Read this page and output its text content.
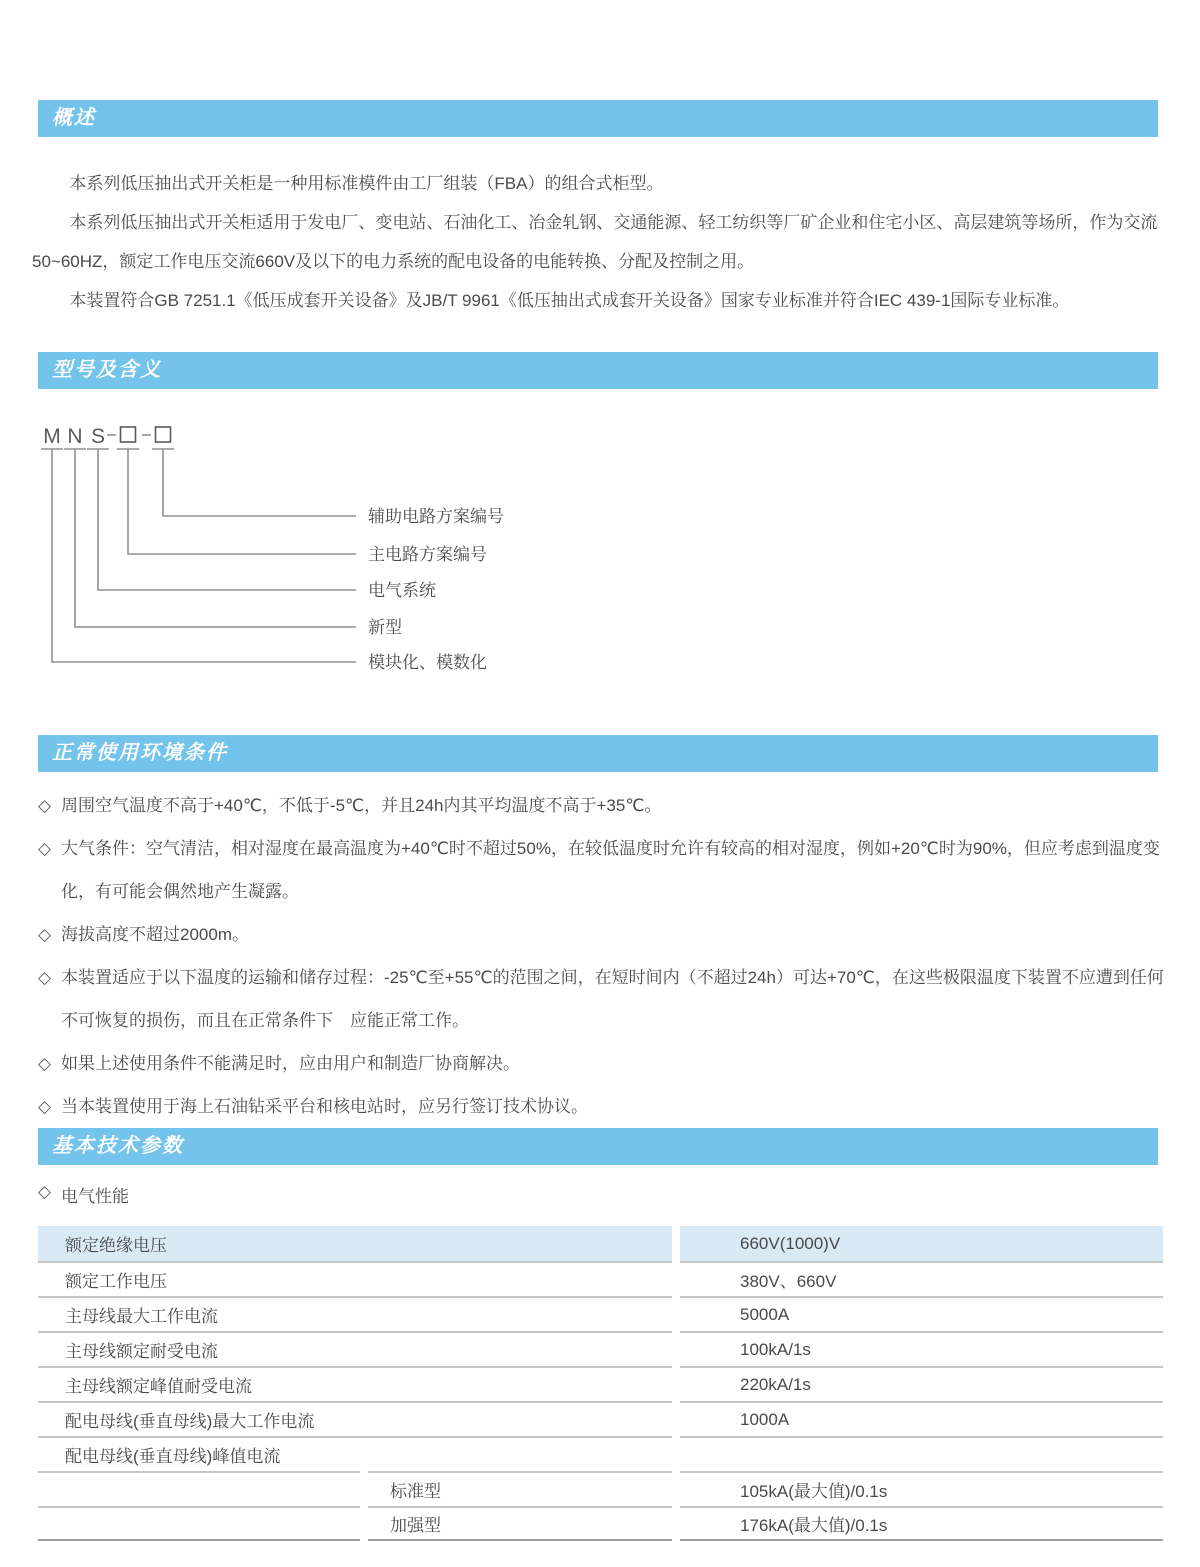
概述

本系列低压抽出式开关柜是一种用标准模件由工厂组装（FBA）的组合式柜型。

本系列低压抽出式开关柜适用于发电厂、变电站、石油化工、冶金轧钢、交通能源、轻工纺织等厂矿企业和住宅小区、高层建筑等场所，作为交流50~60HZ，额定工作电压交流660V及以下的电力系统的配电设备的电能转换、分配及控制之用。

本装置符合GB 7251.1《低压成套开关设备》及JB/T 9961《低压抽出式成套开关设备》国家专业标准并符合IEC 439-1国际专业标准。

型号及含义
M N S
辅助电路方案编号
主电路方案编号
电气系统
新型
模块化、模数化
正常使用环境条件
◇ 周围空气温度不高于+40℃，不低于-5℃，并且24h内其平均温度不高于+35℃。
◇ 大气条件：空气清洁，相对湿度在最高温度为+40℃时不超过50%，在较低温度时允许有较高的相对湿度，例如+20℃时为90%，但应考虑到温度变化，有可能会偶然地产生凝露。
◇ 海拔高度不超过2000m。
◇ 本装置适应于以下温度的运输和储存过程：-25℃至+55℃的范围之间，在短时间内（不超过24h）可达+70℃，在这些极限温度下装置不应遭到任何不可恢复的损伤，而且在正常条件下　应能正常工作。
◇ 如果上述使用条件不能满足时，应由用户和制造厂协商解决。
◇ 当本装置使用于海上石油钻采平台和核电站时，应另行签订技术协议。
基本技术参数
◇ 电气性能
额定绝缘电压		660V(1000)V
额定工作电压		380V、660V
主母线最大工作电流		5000A
主母线额定耐受电流		100kA/1s
主母线额定峰值耐受电流		220kA/1s
配电母线(垂直母线)最大工作电流		1000A
配电母线(垂直母线)峰值电流		
	标准型	105kA(最大值)/0.1s
	加强型	176kA(最大值)/0.1s
